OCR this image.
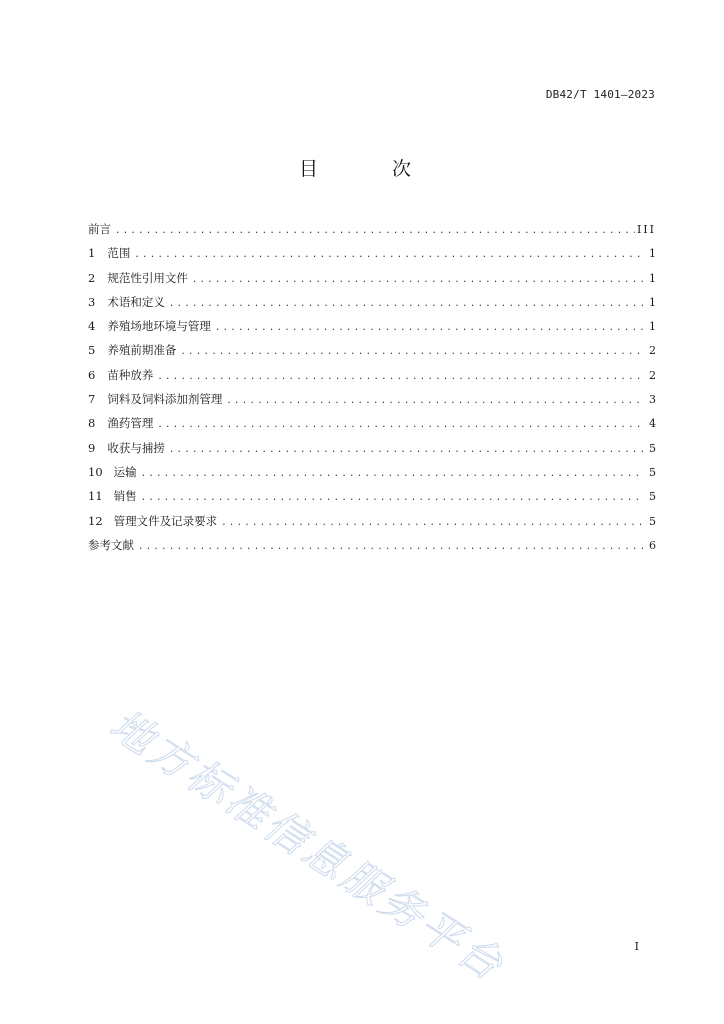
DB42/T 1401—2023
目 次
前言 .....	III
1 范围 .....	1
2 规范性引用文件 .....	1
3 术语和定义 .....	1
4 养殖场地环境与管理 .....	1
5 养殖前期准备 .....	2
6 苗种放养 .....	2
7 饲料及饲料添加剂管理 .....	3
8 渔药管理 .....	4
9 收获与捕捞 .....	5
10 运输 .....	5
11 销售 .....	5
12 管理文件及记录要求 .....	5
参考文献 .....	6
地方标准信息服务平台	I
